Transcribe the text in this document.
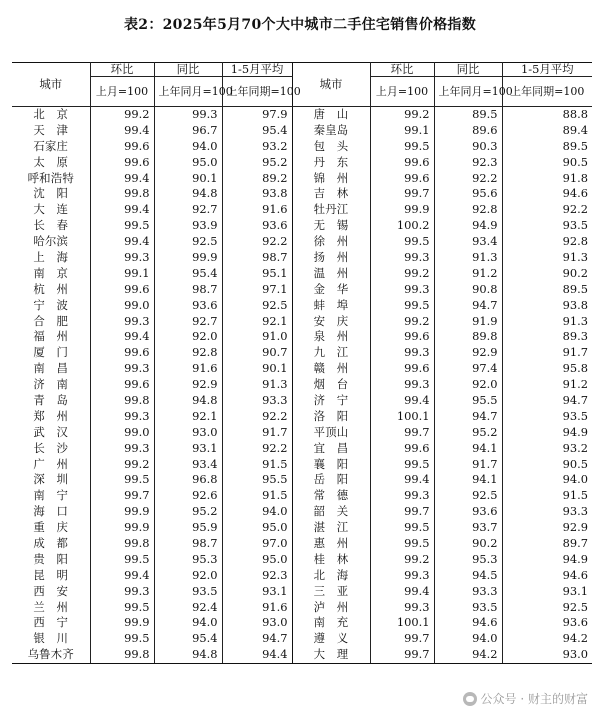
表2：2025年5月70个大中城市二手住宅销售价格指数
城市	环比	同比	1-5月平均	城市	环比	同比	1-5月平均
	上月=100	上年同月=100	上年同期=100		上月=100	上年同月=100	上年同期=100
北　京	99.2	99.3	97.9	唐　山	99.2	89.5	88.8
天　津	99.4	96.7	95.4	秦皇岛	99.1	89.6	89.4
石家庄	99.6	94.0	93.2	包　头	99.5	90.3	89.5
太　原	99.6	95.0	95.2	丹　东	99.6	92.3	90.5
呼和浩特	99.4	90.1	89.2	锦　州	99.6	92.2	91.8
沈　阳	99.8	94.8	93.8	吉　林	99.7	95.6	94.6
大　连	99.4	92.7	91.6	牡丹江	99.9	92.8	92.2
长　春	99.5	93.9	93.6	无　锡	100.2	94.9	93.5
哈尔滨	99.4	92.5	92.2	徐　州	99.5	93.4	92.8
上　海	99.3	99.9	98.7	扬　州	99.3	91.3	91.3
南　京	99.1	95.4	95.1	温　州	99.2	91.2	90.2
杭　州	99.6	98.7	97.1	金　华	99.3	90.8	89.5
宁　波	99.0	93.6	92.5	蚌　埠	99.5	94.7	93.8
合　肥	99.3	92.7	92.1	安　庆	99.2	91.9	91.3
福　州	99.4	92.0	91.0	泉　州	99.6	89.8	89.3
厦　门	99.6	92.8	90.7	九　江	99.3	92.9	91.7
南　昌	99.3	91.6	90.1	赣　州	99.6	97.4	95.8
济　南	99.6	92.9	91.3	烟　台	99.3	92.0	91.2
青　岛	99.8	94.8	93.3	济　宁	99.4	95.5	94.7
郑　州	99.3	92.1	92.2	洛　阳	100.1	94.7	93.5
武　汉	99.0	93.0	91.7	平顶山	99.7	95.2	94.9
长　沙	99.3	93.1	92.2	宜　昌	99.6	94.1	93.2
广　州	99.2	93.4	91.5	襄　阳	99.5	91.7	90.5
深　圳	99.5	96.8	95.5	岳　阳	99.4	94.1	94.0
南　宁	99.7	92.6	91.5	常　德	99.3	92.5	91.5
海　口	99.9	95.2	94.0	韶　关	99.7	93.6	93.3
重　庆	99.9	95.9	95.0	湛　江	99.5	93.7	92.9
成　都	99.8	98.7	97.0	惠　州	99.5	90.2	89.7
贵　阳	99.5	95.3	95.0	桂　林	99.2	95.3	94.9
昆　明	99.4	92.0	92.3	北　海	99.3	94.5	94.6
西　安	99.3	93.5	93.1	三　亚	99.4	93.3	93.1
兰　州	99.5	92.4	91.6	泸　州	99.3	93.5	92.5
西　宁	99.9	94.0	93.0	南　充	100.1	94.6	93.6
银　川	99.5	95.4	94.7	遵　义	99.7	94.0	94.2
乌鲁木齐	99.8	94.8	94.4	大　理	99.7	94.2	93.0
公众号 · 财主的财富
